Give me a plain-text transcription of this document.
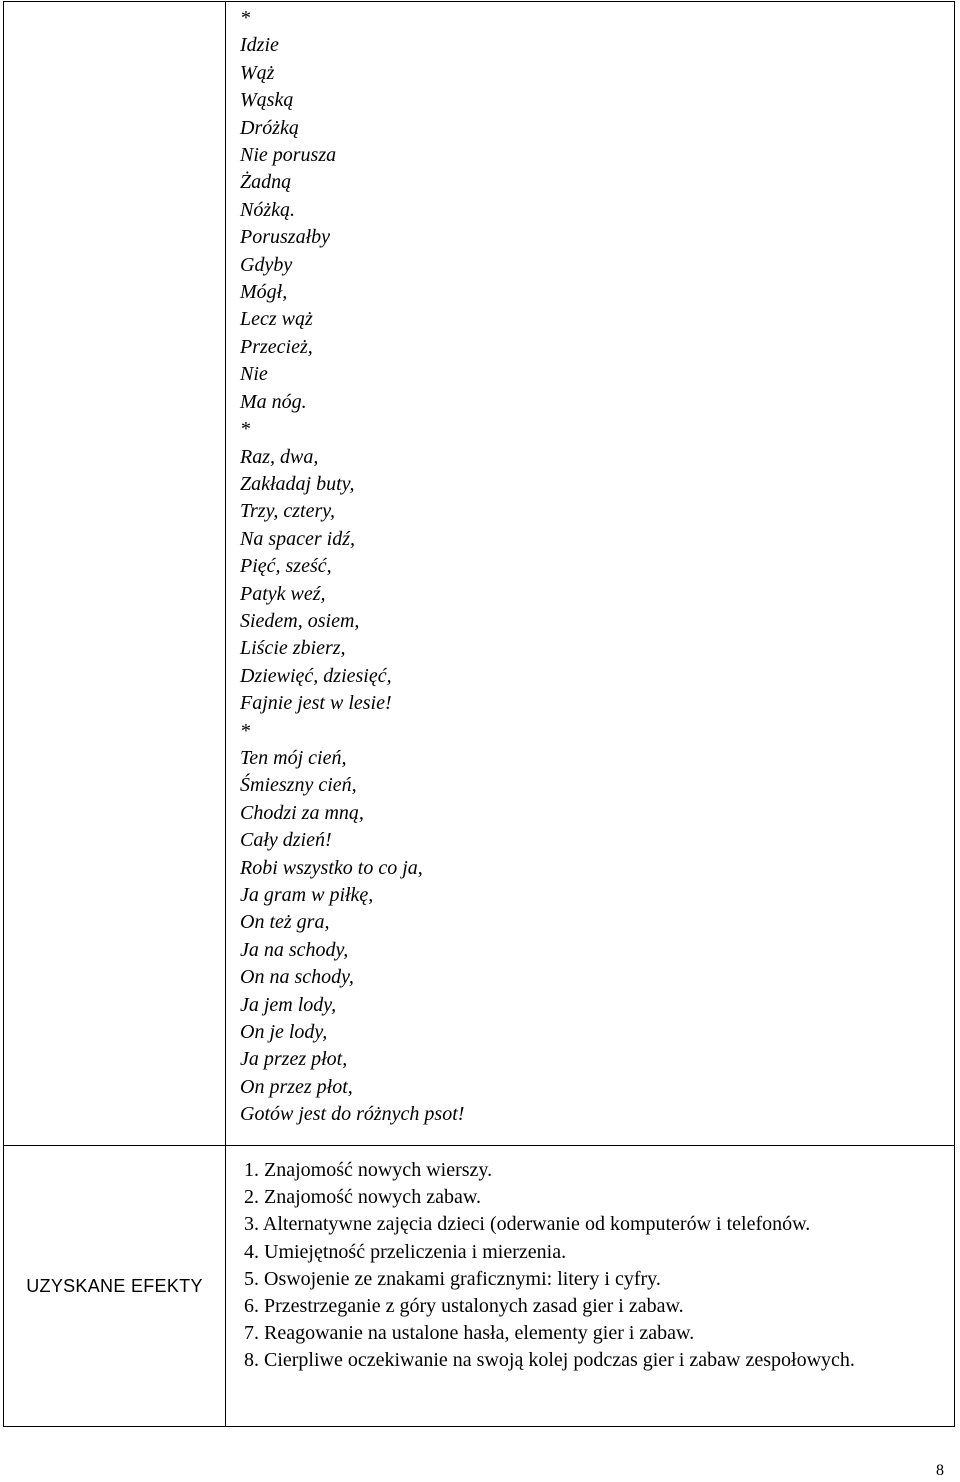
*
Idzie
Wąż
Wąską
Dróżką
Nie porusza
Żadną
Nóżką.
Poruszałby
Gdyby
Mógł,
Lecz wąż
Przecież,
Nie
Ma nóg.
*
Raz, dwa,
Zakładaj buty,
Trzy, cztery,
Na spacer idź,
Pięć, sześć,
Patyk weź,
Siedem, osiem,
Liście zbierz,
Dziewięć, dziesięć,
Fajnie jest w lesie!
*
Ten mój cień,
Śmieszny cień,
Chodzi za mną,
Cały dzień!
Robi wszystko to co ja,
Ja gram w piłkę,
On też gra,
Ja na schody,
On na schody,
Ja jem lody,
On je lody,
Ja przez płot,
On przez płot,
Gotów jest do różnych psot!
UZYSKANE EFEKTY
1. Znajomość nowych wierszy.
2. Znajomość nowych zabaw.
3. Alternatywne zajęcia dzieci (oderwanie od komputerów i telefonów.
4. Umiejętność przeliczenia i mierzenia.
5. Oswojenie ze znakami graficznymi: litery i cyfry.
6. Przestrzeganie z góry ustalonych zasad gier i zabaw.
7. Reagowanie na ustalone hasła, elementy gier i zabaw.
8. Cierpliwe oczekiwanie na swoją kolej podczas gier i zabaw zespołowych.
8
